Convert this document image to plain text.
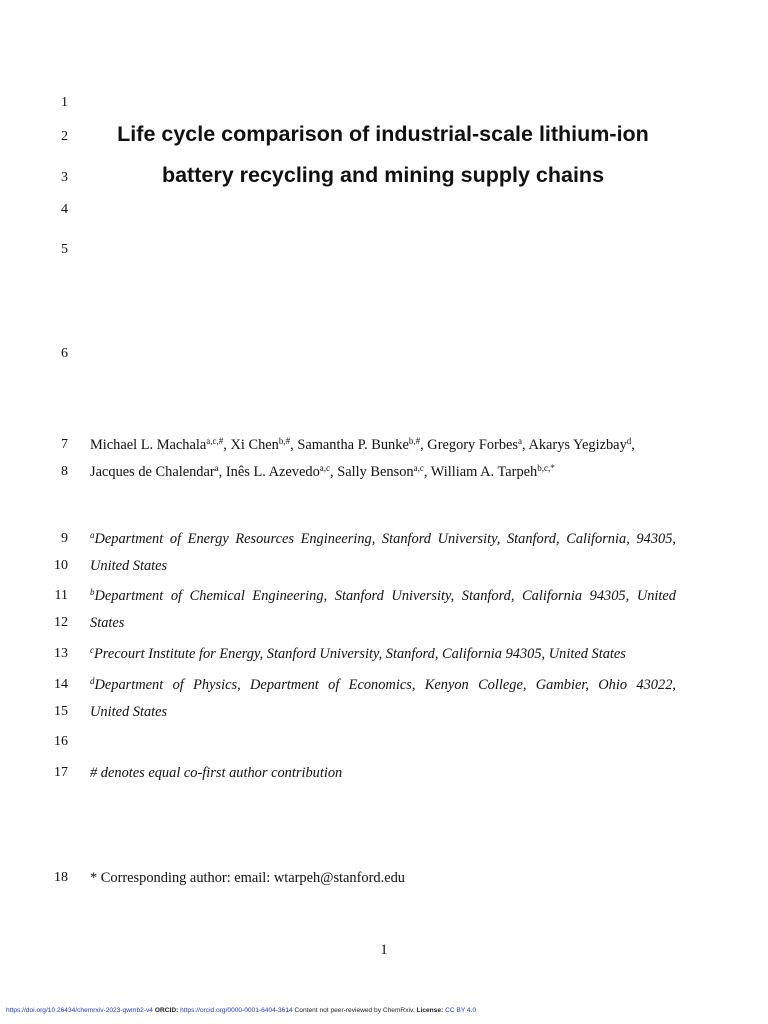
1
2
3
4
5
6
7
8
9
10
11
12
13
14
15
16
17
18
Life cycle comparison of industrial-scale lithium-ion
battery recycling and mining supply chains
Michael L. Machala$^{a,c,\#}$, Xi Chen$^{b,\#}$, Samantha P. Bunke$^{b,\#}$, Gregory Forbes$^a$, Akarys Yegizbay$^d$,
Jacques de Chalendar$^a$, Inês L. Azevedo$^{a,c}$, Sally Benson$^{a,c}$, William A. Tarpeh$^{b,c,*}$
$^a$Department of Energy Resources Engineering, Stanford University, Stanford, California, 94305,
United States
$^b$Department of Chemical Engineering, Stanford University, Stanford, California 94305, United
States
$^c$Precourt Institute for Energy, Stanford University, Stanford, California 94305, United States
$^d$Department of Physics, Department of Economics, Kenyon College, Gambier, Ohio 43022,
United States
# denotes equal co-first author contribution
* Corresponding author: email: wtarpeh@stanford.edu
1
https://doi.org/10.26434/chemrxiv-2023-qwmb2-v4 ORCID: https://orcid.org/0000-0001-6404-3614 Content not peer-reviewed by ChemRxiv. License: CC BY 4.0
